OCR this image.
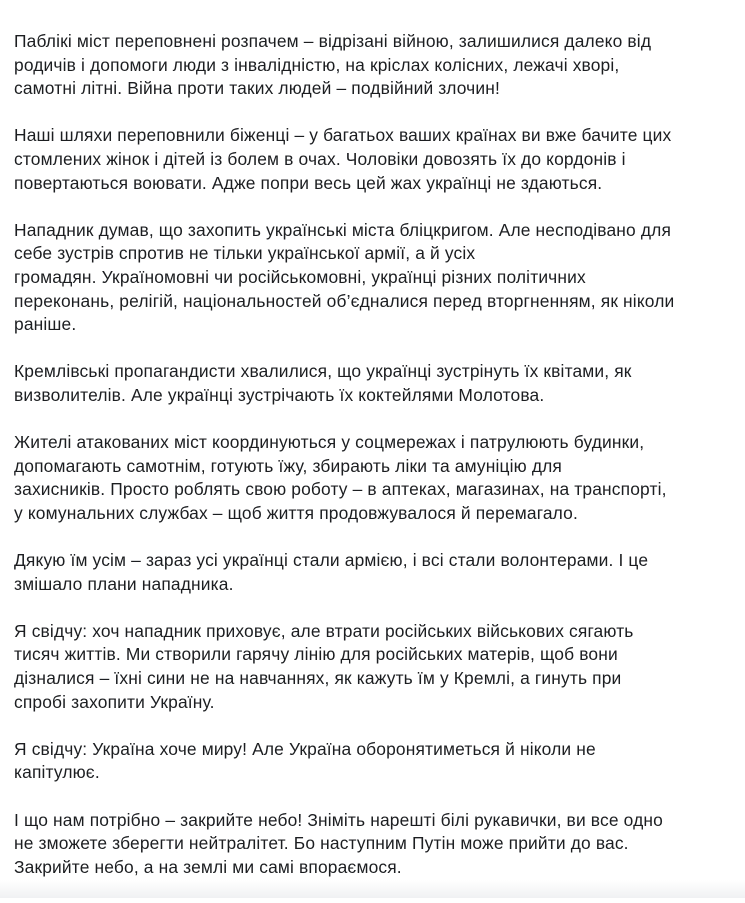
Паблікі міст переповнені розпачем – відрізані війною, залишилися далеко від
родичів і допомоги люди з інвалідністю, на кріслах колісних, лежачі хворі,
самотні літні. Війна проти таких людей – подвійний злочин!

Наші шляхи переповнили біженці – у багатьох ваших країнах ви вже бачите цих
стомлених жінок і дітей із болем в очах. Чоловіки довозять їх до кордонів і
повертаються воювати. Адже попри весь цей жах українці не здаються.

Нападник думав, що захопить українські міста бліцкригом. Але несподівано для
себе зустрів спротив не тільки української армії, а й усіх
громадян. Україномовні чи російськомовні, українці різних політичних
переконань, релігій, національностей об’єдналися перед вторгненням, як ніколи
раніше.

Кремлівські пропагандисти хвалилися, що українці зустрінуть їх квітами, як
визволителів. Але українці зустрічають їх коктейлями Молотова.

Жителі атакованих міст координуються у соцмережах і патрулюють будинки,
допомагають самотнім, готують їжу, збирають ліки та амуніцію для
захисників. Просто роблять свою роботу – в аптеках, магазинах, на транспорті,
у комунальних службах – щоб життя продовжувалося й перемагало.

Дякую їм усім – зараз усі українці стали армією, і всі стали волонтерами. І це
змішало плани нападника.

Я свідчу: хоч нападник приховує, але втрати російських військових сягають
тисяч життів. Ми створили гарячу лінію для російських матерів, щоб вони
дізналися – їхні сини не на навчаннях, як кажуть їм у Кремлі, а гинуть при
спробі захопити Україну.

Я свідчу: Україна хоче миру! Але Україна оборонятиметься й ніколи не
капітулює.

І що нам потрібно – закрийте небо! Зніміть нарешті білі рукавички, ви все одно
не зможете зберегти нейтралітет. Бо наступним Путін може прийти до вас.
Закрийте небо, а на землі ми самі впораємося.
